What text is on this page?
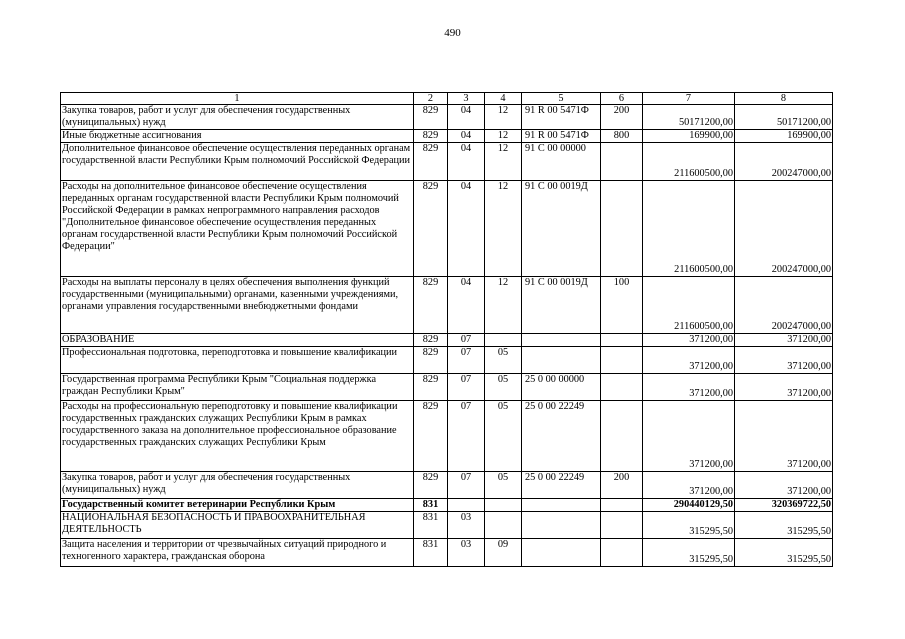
490
1	2	3	4	5	6	7	8
Закупка товаров, работ и услуг для обеспечения государственных (муниципальных) нужд	829	04	12	91 R 00 5471Ф	200	50171200,00	50171200,00
Иные бюджетные ассигнования	829	04	12	91 R 00 5471Ф	800	169900,00	169900,00
Дополнительное финансовое обеспечение осуществления переданных органам государственной власти Республики Крым полномочий Российской Федерации	829	04	12	91 С 00 00000		211600500,00	200247000,00
Расходы на дополнительное финансовое обеспечение осуществления переданных органам государственной власти Республики Крым полномочий Российской Федерации в рамках непрограммного направления расходов "Дополнительное финансовое обеспечение осуществления переданных органам государственной власти Республики Крым полномочий Российской Федерации"	829	04	12	91 С 00 0019Д		211600500,00	200247000,00
Расходы на выплаты персоналу в целях обеспечения выполнения функций государственными (муниципальными) органами, казенными учреждениями, органами управления государственными внебюджетными фондами	829	04	12	91 С 00 0019Д	100	211600500,00	200247000,00
ОБРАЗОВАНИЕ	829	07				371200,00	371200,00
Профессиональная подготовка, переподготовка и повышение квалификации	829	07	05			371200,00	371200,00
Государственная программа Республики Крым "Социальная поддержка граждан Республики Крым"	829	07	05	25 0 00 00000		371200,00	371200,00
Расходы на профессиональную переподготовку и повышение квалификации государственных гражданских служащих Республики Крым в рамках государственного заказа на дополнительное профессиональное образование государственных гражданских служащих Республики Крым	829	07	05	25 0 00 22249		371200,00	371200,00
Закупка товаров, работ и услуг для обеспечения государственных (муниципальных) нужд	829	07	05	25 0 00 22249	200	371200,00	371200,00
Государственный комитет ветеринарии Республики Крым	831					290440129,50	320369722,50
НАЦИОНАЛЬНАЯ БЕЗОПАСНОСТЬ И ПРАВООХРАНИТЕЛЬНАЯ ДЕЯТЕЛЬНОСТЬ	831	03				315295,50	315295,50
Защита населения и территории от чрезвычайных ситуаций природного и техногенного характера, гражданская оборона	831	03	09			315295,50	315295,50
